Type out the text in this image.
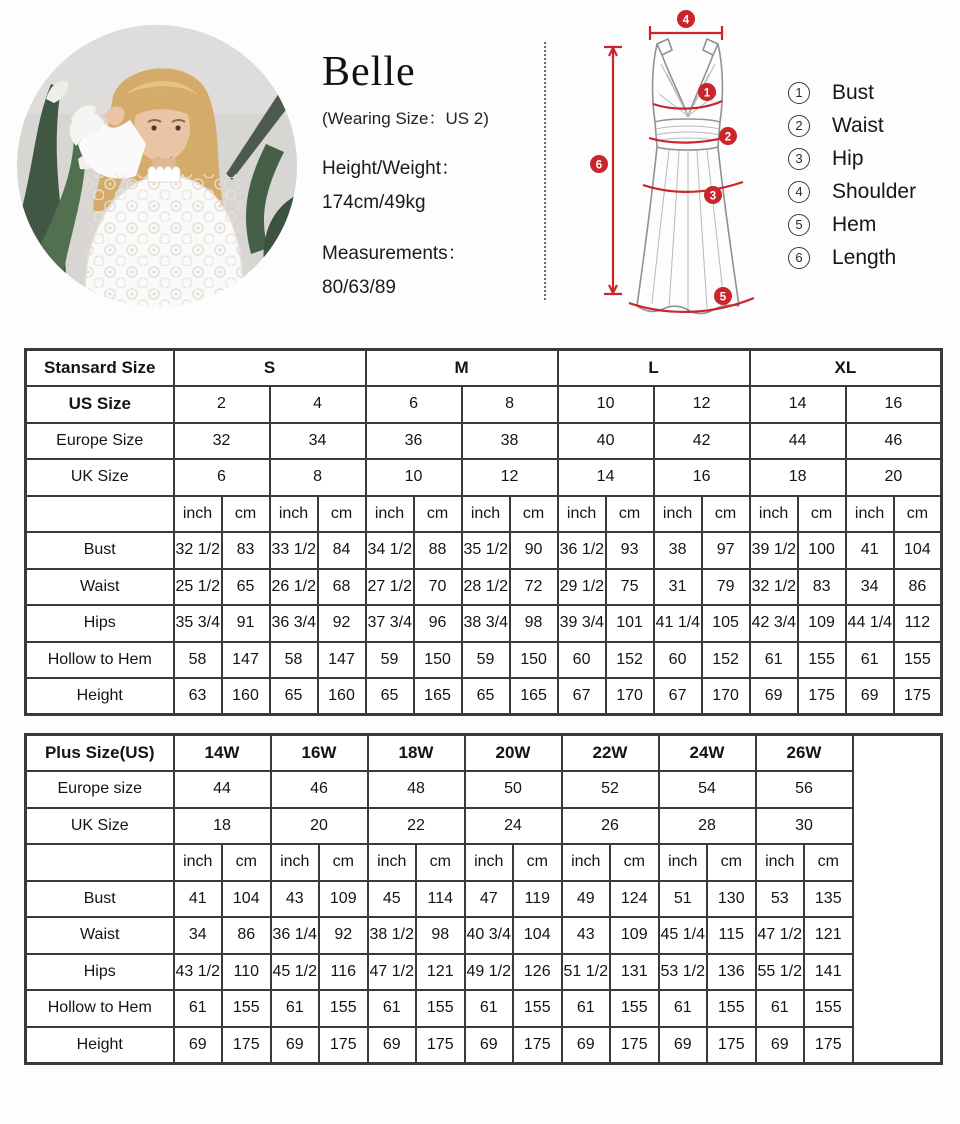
Belle
(Wearing Size：US 2)
Height/Weight：
174cm/49kg
Measurements：
80/63/89
4
6
1
2
3
5
1	Bust
2	Waist
3	Hip
4	Shoulder
5	Hem
6	Length
Stansard Size	S				M				L				XL			
US Size	2		4		6		8		10		12		14		16	
Europe Size	32		34		36		38		40		42		44		46	
UK Size	6		8		10		12		14		16		18		20	
	inch	cm	inch	cm	inch	cm	inch	cm	inch	cm	inch	cm	inch	cm	inch	cm
Bust	32 1/2	83	33 1/2	84	34 1/2	88	35 1/2	90	36 1/2	93	38	97	39 1/2	100	41	104
Waist	25 1/2	65	26 1/2	68	27 1/2	70	28 1/2	72	29 1/2	75	31	79	32 1/2	83	34	86
Hips	35 3/4	91	36 3/4	92	37 3/4	96	38 3/4	98	39 3/4	101	41 1/4	105	42 3/4	109	44 1/4	112
Hollow to Hem	58	147	58	147	59	150	59	150	60	152	60	152	61	155	61	155
Height	63	160	65	160	65	165	65	165	67	170	67	170	69	175	69	175
Plus Size(US)	14W		16W		18W		20W		22W		24W		26W		
Europe size	44		46		48		50		52		54		56		
UK Size	18		20		22		24		26		28		30		
	inch	cm	inch	cm	inch	cm	inch	cm	inch	cm	inch	cm	inch	cm	
Bust	41	104	43	109	45	114	47	119	49	124	51	130	53	135	
Waist	34	86	36 1/4	92	38 1/2	98	40 3/4	104	43	109	45 1/4	115	47 1/2	121	
Hips	43 1/2	110	45 1/2	116	47 1/2	121	49 1/2	126	51 1/2	131	53 1/2	136	55 1/2	141	
Hollow to Hem	61	155	61	155	61	155	61	155	61	155	61	155	61	155	
Height	69	175	69	175	69	175	69	175	69	175	69	175	69	175	
